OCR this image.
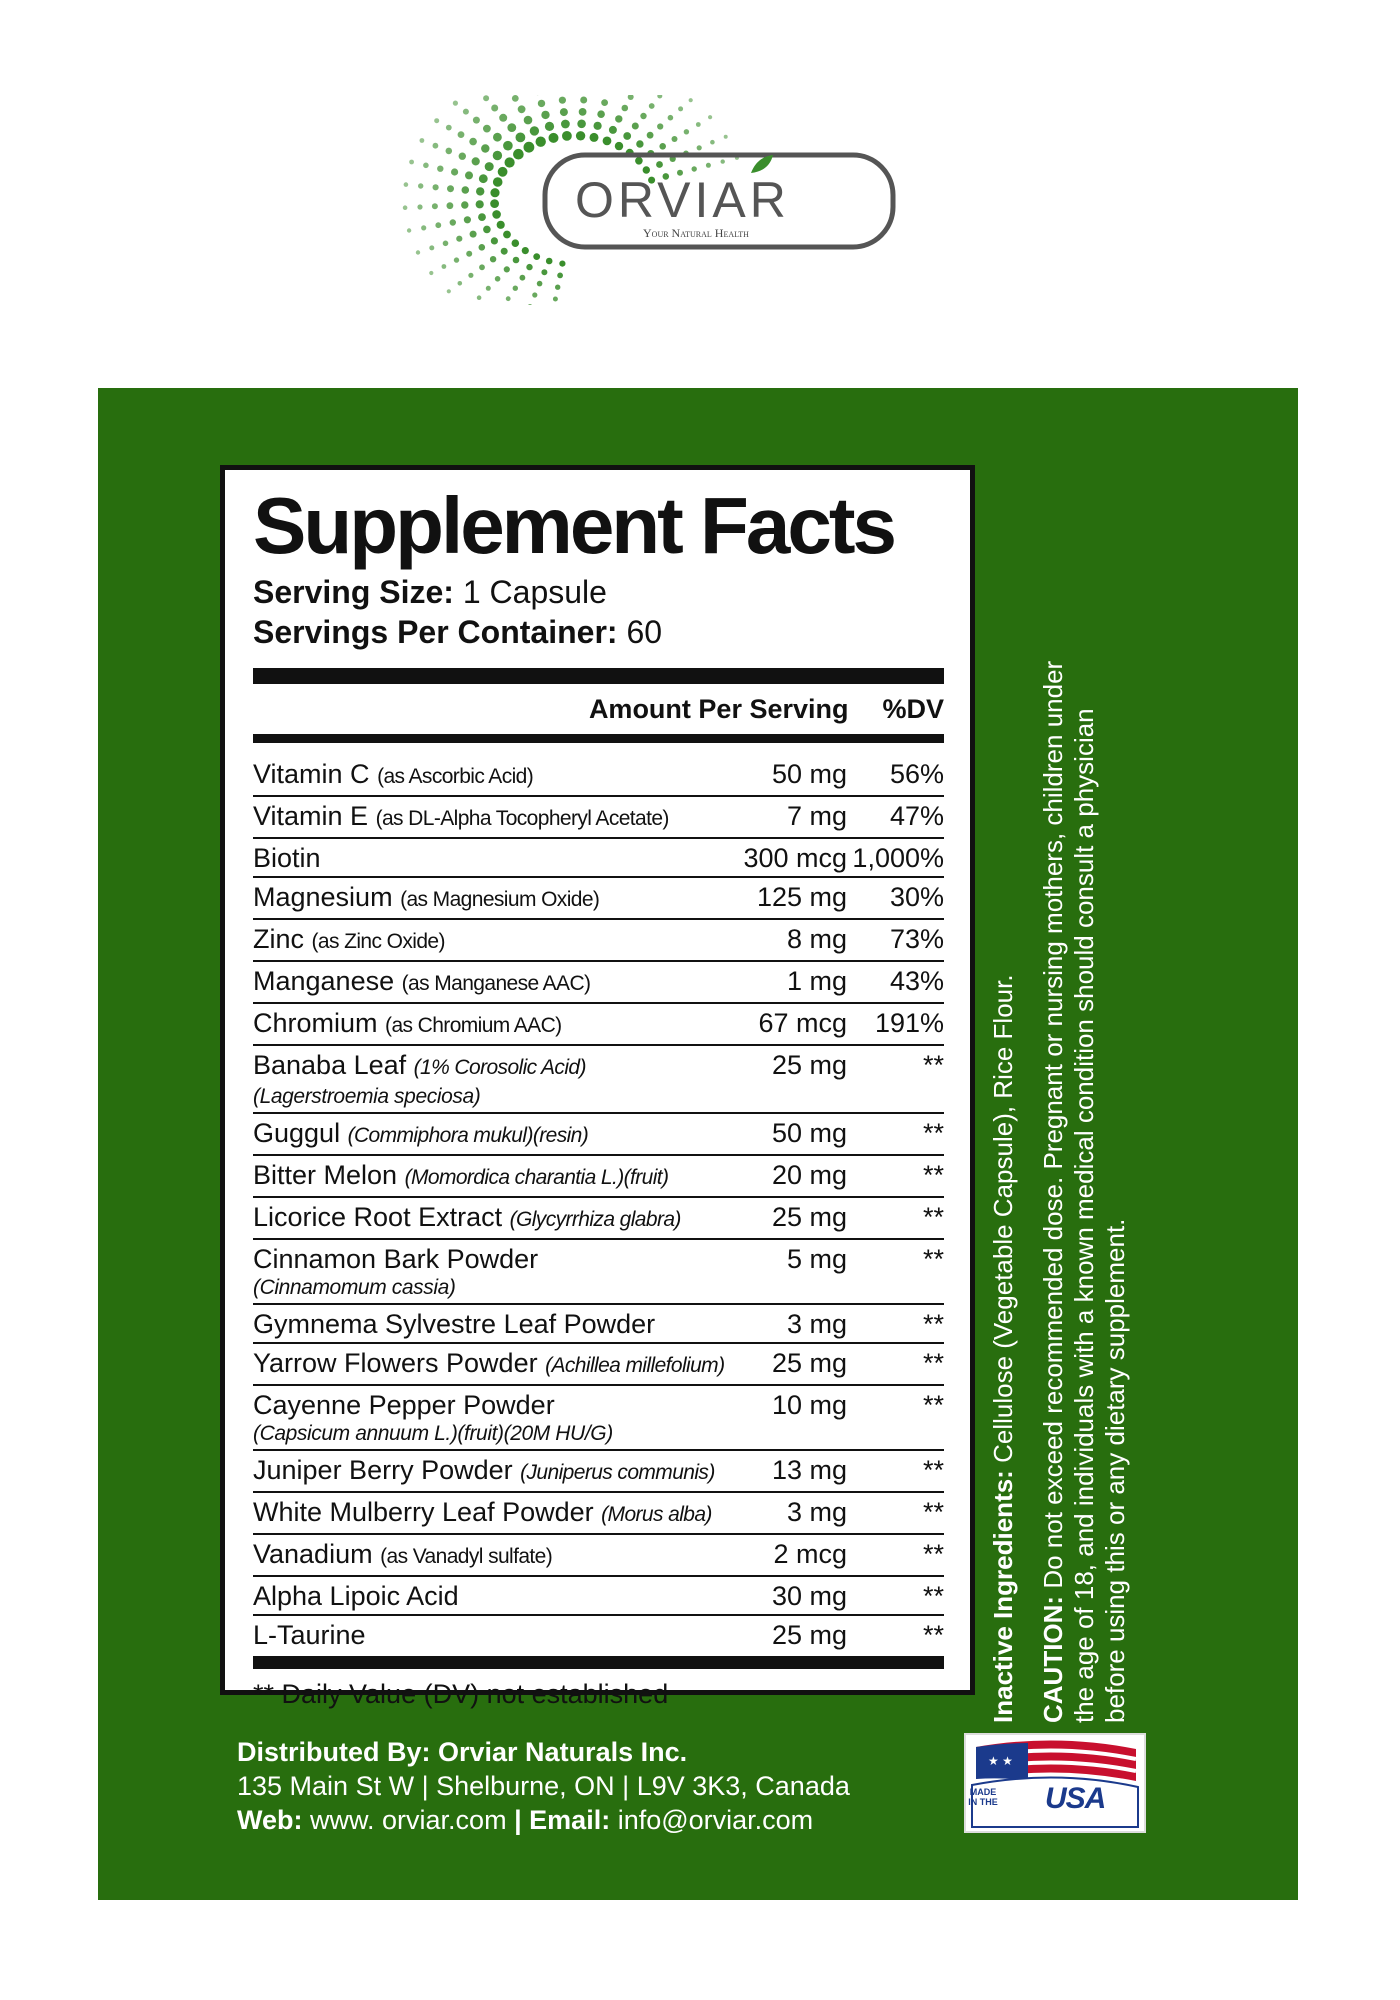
ORVIAR
Your Natural Health
Supplement Facts
Serving Size: 1 Capsule
Servings Per Container: 60
Amount Per Serving %DV
Vitamin C (as Ascorbic Acid)	50 mg	56%
Vitamin E (as DL-Alpha Tocopheryl Acetate)	7 mg	47%
Biotin	300 mcg 1,000%
Magnesium (as Magnesium Oxide)	125 mg	30%
Zinc (as Zinc Oxide)	8 mg	73%
Manganese (as Manganese AAC)	1 mg	43%
Chromium (as Chromium AAC)	67 mcg	191%
Banaba Leaf (1% Corosolic Acid)
(Lagerstroemia speciosa)
25 mg	**
Guggul (Commiphora mukul)(resin)	50 mg	**
Bitter Melon (Momordica charantia L.)(fruit)	20 mg	**
Licorice Root Extract (Glycyrrhiza glabra)	25 mg	**
Cinnamon Bark Powder
(Cinnamomum cassia)
5 mg	**
Gymnema Sylvestre Leaf Powder	3 mg	**
Yarrow Flowers Powder (Achillea millefolium)	25 mg	**
Cayenne Pepper Powder
(Capsicum annuum L.)(fruit)(20M HU/G)
10 mg	**
Juniper Berry Powder (Juniperus communis)	13 mg	**
White Mulberry Leaf Powder (Morus alba)	3 mg	**
Vanadium (as Vanadyl sulfate)	2 mcg	**
Alpha Lipoic Acid	30 mg	**
L-Taurine	25 mg	**
** Daily Value (DV) not established	Inactive Ingredients: Cellulose (Vegetable Capsule), Rice Flour.

CAUTION: Do not exceed recommended dose. Pregnant or nursing mothers, children under the age of 18, and individuals with a known medical condition should consult a physician before using this or any dietary supplement.

Distributed By: Orviar Naturals Inc.
135 Main St W | Shelburne, ON | L9V 3K3, Canada
Web: www. orviar.com | Email: info@orviar.com
★ ★
MADE IN THE USA
